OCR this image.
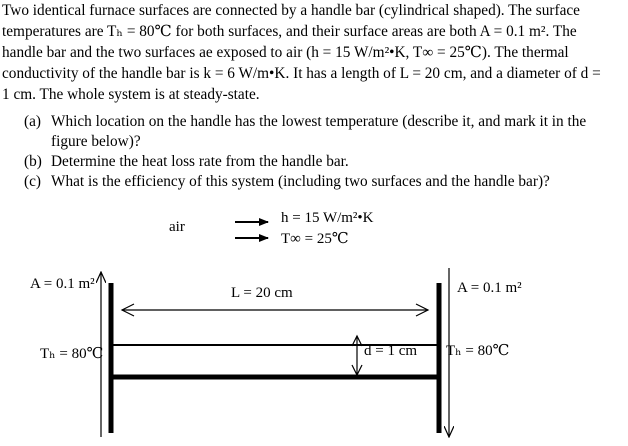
Two identical furnace surfaces are connected by a handle bar (cylindrical shaped). The surface
temperatures are Tₕ = 80℃ for both surfaces, and their surface areas are both A = 0.1 m². The
handle bar and the two surfaces ae exposed to air (h = 15 W/m²•K, T∞ = 25℃). The thermal
conductivity of the handle bar is k = 6 W/m•K. It has a length of L = 20 cm, and a diameter of d =
1 cm. The whole system is at steady-state.
(a) Which location on the handle has the lowest temperature (describe it, and mark it in the figure below)?
(b) Determine the heat loss rate from the handle bar.
(c) What is the efficiency of this system (including two surfaces and the handle bar)?
air
h = 15 W/m²•K
T∞ = 25℃
A = 0.1 m²	A = 0.1 m²
L = 20 cm
Tₕ = 80℃	Tₕ = 80℃
d = 1 cm
